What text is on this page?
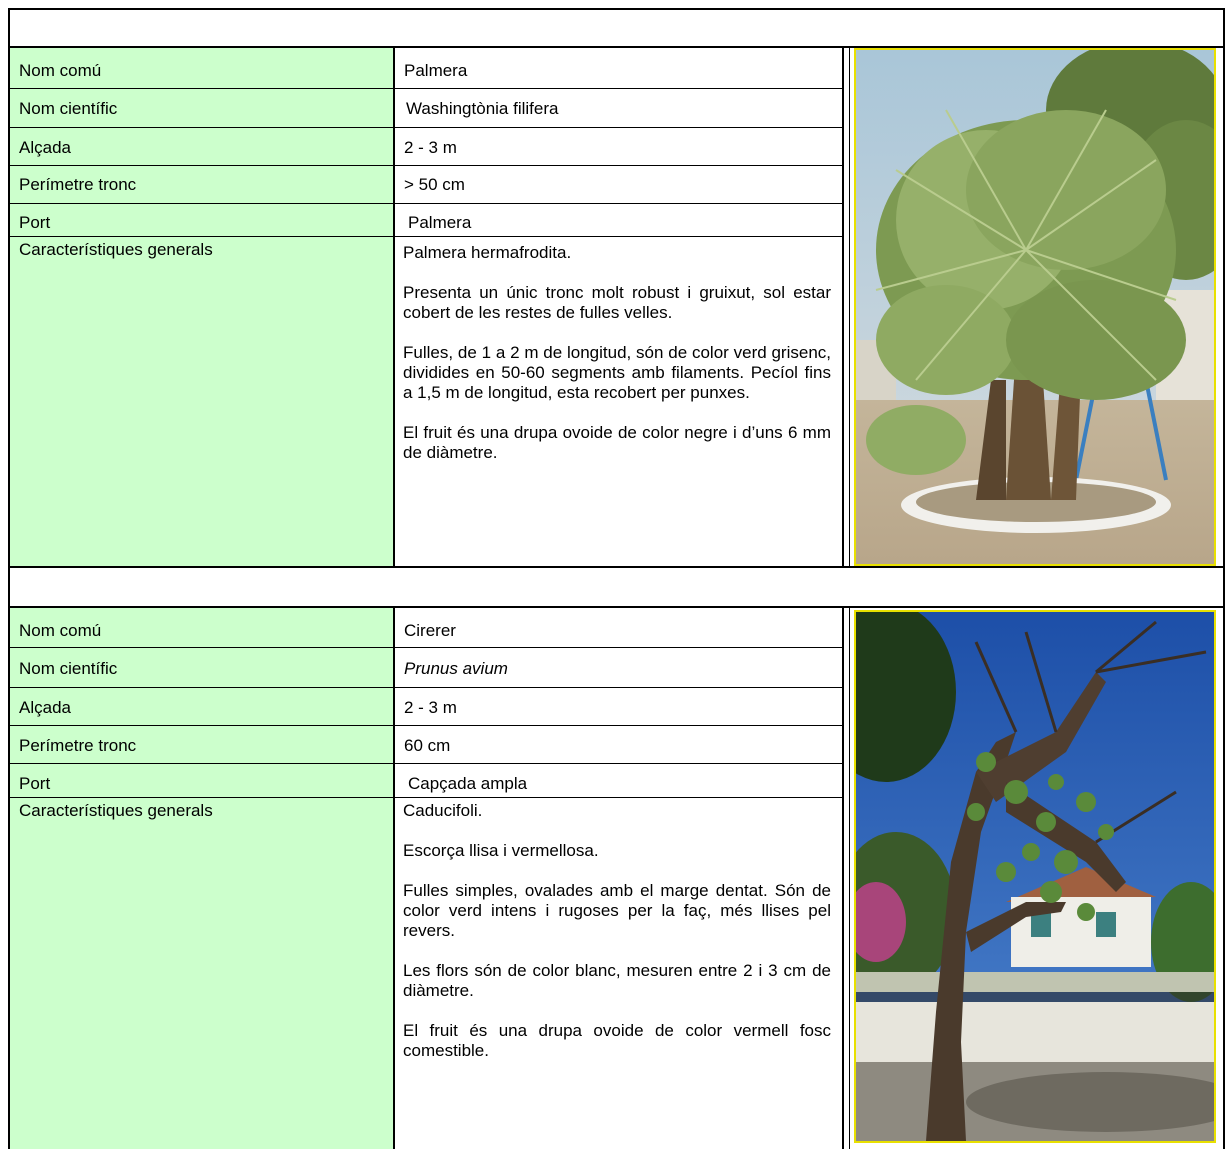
Nom comú
Nom científic
Alçada
Perímetre tronc
Port
Característiques generals
Palmera
Washingtònia filifera
2 - 3 m
> 50 cm
Palmera

Palmera hermafrodita.

Presenta un únic tronc molt robust i gruixut, sol estar cobert de les restes de fulles velles.

Fulles, de 1 a 2 m de longitud, són de color verd grisenc, dividides en 50-60 segments amb filaments. Pecíol fins a 1,5 m de longitud, esta recobert per punxes.

El fruit és una drupa ovoide de color negre i d’uns 6 mm de diàmetre.

Nom comú
Nom científic
Alçada
Perímetre tronc
Port
Característiques generals
Cirerer
Prunus avium
2 - 3 m
60 cm
Capçada ampla

Caducifoli.

Escorça llisa i vermellosa.

Fulles simples, ovalades amb el marge dentat. Són de color verd intens i rugoses per la faç, més llises pel revers.

Les flors són de color blanc, mesuren entre 2 i 3 cm de diàmetre.

El fruit és una drupa ovoide de color vermell fosc comestible.
